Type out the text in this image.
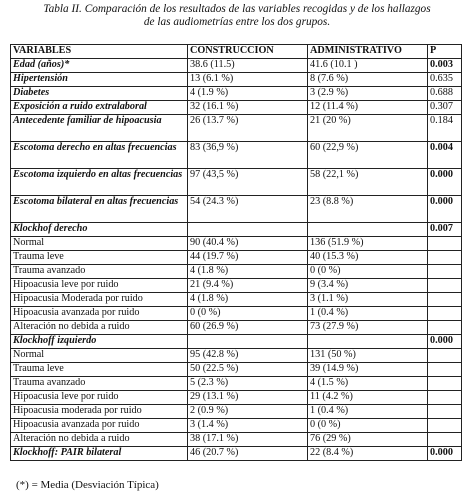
Tabla II. Comparación de los resultados de las variables recogidas y de los hallazgos
de las audiometrías entre los dos grupos.
VARIABLES	CONSTRUCCION	ADMINISTRATIVO	P
Edad (años)*	38.6 (11.5)	41.6 (10.1 )	0.003
Hipertensión	13 (6.1 %)	8 (7.6 %)	0.635
Diabetes	4 (1.9 %)	3 (2.9 %)	0.688
Exposición a ruido extralaboral	32 (16.1 %)	12 (11.4 %)	0.307
Antecedente familiar de hipoacusia	26 (13.7 %)	21 (20 %)	0.184
Escotoma derecho en altas frecuencias	83 (36,9 %)	60 (22,9 %)	0.004
Escotoma izquierdo en altas frecuencias	97 (43,5 %)	58 (22,1 %)	0.000
Escotoma bilateral en altas frecuencias	54 (24.3 %)	23 (8.8 %)	0.000
Klockhof derecho			0.007
Normal	90 (40.4 %)	136 (51.9 %)	
Trauma leve	44 (19.7 %)	40 (15.3 %)	
Trauma avanzado	4 (1.8 %)	0 (0 %)	
Hipoacusia leve por ruido	21 (9.4 %)	9 (3.4 %)	
Hipoacusia Moderada por ruido	4 (1.8 %)	3 (1.1 %)	
Hipoacusia avanzada por ruido	0 (0 %)	1 (0.4 %)	
Alteración no debida a ruido	60 (26.9 %)	73 (27.9 %)	
Klockhoff izquierdo			0.000
Normal	95 (42.8 %)	131 (50 %)	
Trauma leve	50 (22.5 %)	39 (14.9 %)	
Trauma avanzado	5 (2.3 %)	4 (1.5 %)	
Hipoacusia leve por ruido	29 (13.1 %)	11 (4.2 %)	
Hipoacusia moderada por ruido	2 (0.9 %)	1 (0.4 %)	
Hipoacusia avanzada por ruido	3 (1.4 %)	0 (0 %)	
Alteración no debida a ruido	38 (17.1 %)	76 (29 %)	
Klockhoff: PAIR bilateral	46 (20.7 %)	22 (8.4 %)	0.000
(*) = Media (Desviación Típica)
